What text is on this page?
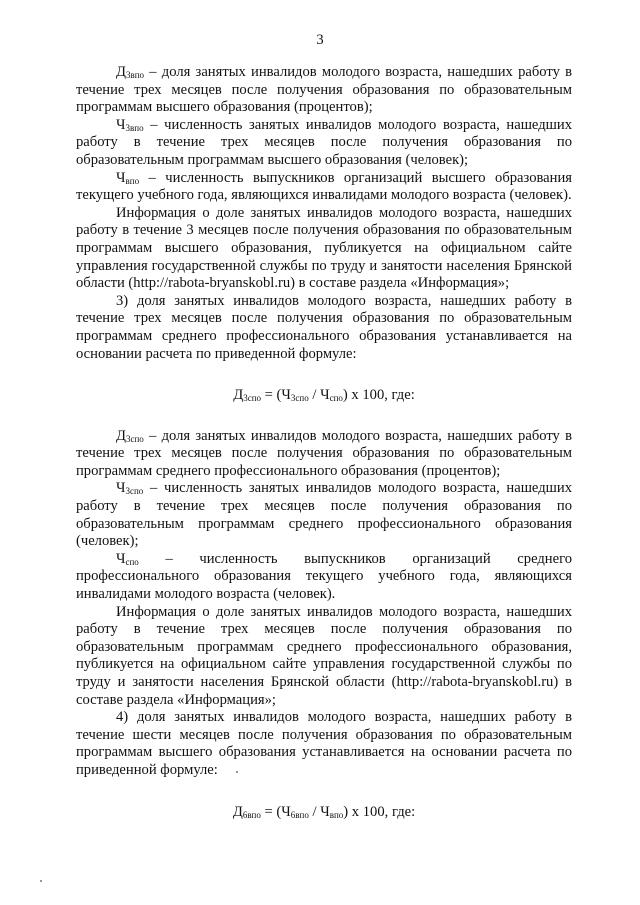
3

$Д_{3впо}$ – доля занятых инвалидов молодого возраста, нашедших работу в течение трех месяцев после получения образования по образовательным программам высшего образования (процентов);

$Ч_{3впо}$ – численность занятых инвалидов молодого возраста, нашедших работу в течение трех месяцев после получения образования по образовательным программам высшего образования (человек);

$Ч_{впо}$ – численность выпускников организаций высшего образования текущего учебного года, являющихся инвалидами молодого возраста (человек).

Информация о доле занятых инвалидов молодого возраста, нашедших работу в течение 3 месяцев после получения образования по образовательным программам высшего образования, публикуется на официальном сайте управления государственной службы по труду и занятости населения Брянской области (http://rabota-bryanskobl.ru) в составе раздела «Информация»;

3) доля занятых инвалидов молодого возраста, нашедших работу в течение трех месяцев после получения образования по образовательным программам среднего профессионального образования устанавливается на основании расчета по приведенной формуле:

$Д_{3спо} = (Ч_{3спо} / Ч_{спо})$ х 100, где:

$Д_{3спо}$ – доля занятых инвалидов молодого возраста, нашедших работу в течение трех месяцев после получения образования по образовательным программам среднего профессионального образования (процентов);

$Ч_{3спо}$ – численность занятых инвалидов молодого возраста, нашедших работу в течение трех месяцев после получения образования по образовательным программам среднего профессионального образования (человек);

$Ч_{спо}$ – численность выпускников организаций среднего профессионального образования текущего учебного года, являющихся инвалидами молодого возраста (человек).

Информация о доле занятых инвалидов молодого возраста, нашедших работу в течение трех месяцев после получения образования по образовательным программам среднего профессионального образования, публикуется на официальном сайте управления государственной службы по труду и занятости населения Брянской области (http://rabota-bryanskobl.ru) в составе раздела «Информация»;

4) доля занятых инвалидов молодого возраста, нашедших работу в течение шести месяцев после получения образования по образовательным программам высшего образования устанавливается на основании расчета по приведенной формуле:

$Д_{6впо} = (Ч_{6впо} / Ч_{впо})$ х 100, где:
